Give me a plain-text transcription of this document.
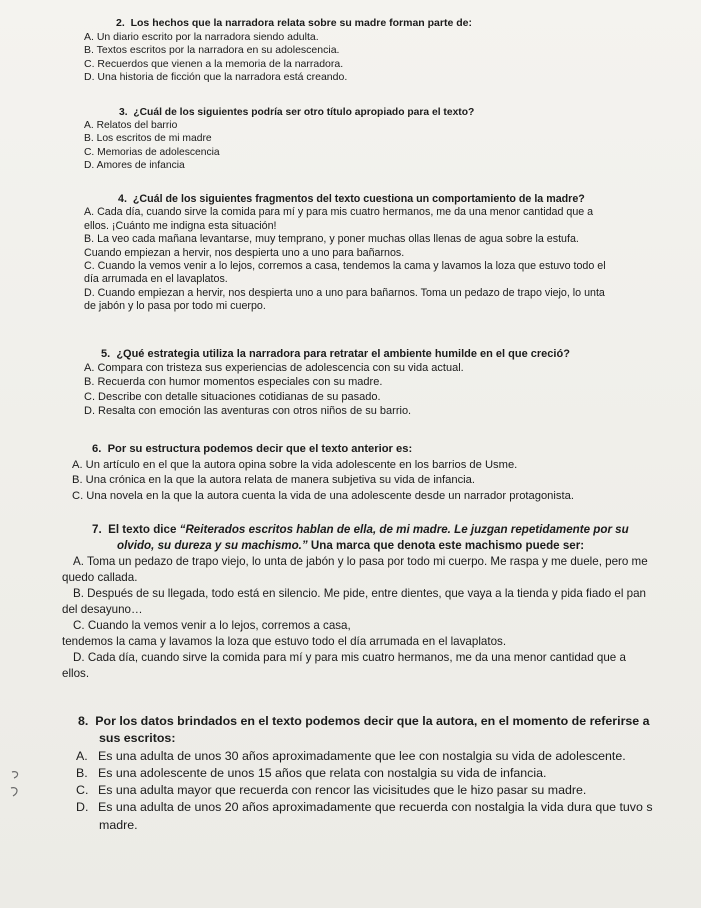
2. Los hechos que la narradora relata sobre su madre forman parte de:
A. Un diario escrito por la narradora siendo adulta.
B. Textos escritos por la narradora en su adolescencia.
C. Recuerdos que vienen a la memoria de la narradora.
D. Una historia de ficción que la narradora está creando.
3. ¿Cuál de los siguientes podría ser otro título apropiado para el texto?
A. Relatos del barrio
B. Los escritos de mi madre
C. Memorias de adolescencia
D. Amores de infancia
4. ¿Cuál de los siguientes fragmentos del texto cuestiona un comportamiento de la madre?
A. Cada día, cuando sirve la comida para mí y para mis cuatro hermanos, me da una menor cantidad que a
ellos. ¡Cuánto me indigna esta situación!
B. La veo cada mañana levantarse, muy temprano, y poner muchas ollas llenas de agua sobre la estufa.
Cuando empiezan a hervir, nos despierta uno a uno para bañarnos.
C. Cuando la vemos venir a lo lejos, corremos a casa, tendemos la cama y lavamos la loza que estuvo todo el
día arrumada en el lavaplatos.
D. Cuando empiezan a hervir, nos despierta uno a uno para bañarnos. Toma un pedazo de trapo viejo, lo unta
de jabón y lo pasa por todo mi cuerpo.
5. ¿Qué estrategia utiliza la narradora para retratar el ambiente humilde en el que creció?
A. Compara con tristeza sus experiencias de adolescencia con su vida actual.
B. Recuerda con humor momentos especiales con su madre.
C. Describe con detalle situaciones cotidianas de su pasado.
D. Resalta con emoción las aventuras con otros niños de su barrio.
6. Por su estructura podemos decir que el texto anterior es:
A. Un artículo en el que la autora opina sobre la vida adolescente en los barrios de Usme.
B. Una crónica en la que la autora relata de manera subjetiva su vida de infancia.
C. Una novela en la que la autora cuenta la vida de una adolescente desde un narrador protagonista.
7. El texto dice “Reiterados escritos hablan de ella, de mi madre. Le juzgan repetidamente por su
olvido, su dureza y su machismo.” Una marca que denota este machismo puede ser:
A. Toma un pedazo de trapo viejo, lo unta de jabón y lo pasa por todo mi cuerpo. Me raspa y me duele, pero me
quedo callada.
B. Después de su llegada, todo está en silencio. Me pide, entre dientes, que vaya a la tienda y pida fiado el pan
del desayuno…
C. Cuando la vemos venir a lo lejos, corremos a casa,
tendemos la cama y lavamos la loza que estuvo todo el día arrumada en el lavaplatos.
D. Cada día, cuando sirve la comida para mí y para mis cuatro hermanos, me da una menor cantidad que a
ellos.
8. Por los datos brindados en el texto podemos decir que la autora, en el momento de referirse a
sus escritos:
A. Es una adulta de unos 30 años aproximadamente que lee con nostalgia su vida de adolescente.
B. Es una adolescente de unos 15 años que relata con nostalgia su vida de infancia.
C. Es una adulta mayor que recuerda con rencor las vicisitudes que le hizo pasar su madre.
D. Es una adulta de unos 20 años aproximadamente que recuerda con nostalgia la vida dura que tuvo s
madre.
